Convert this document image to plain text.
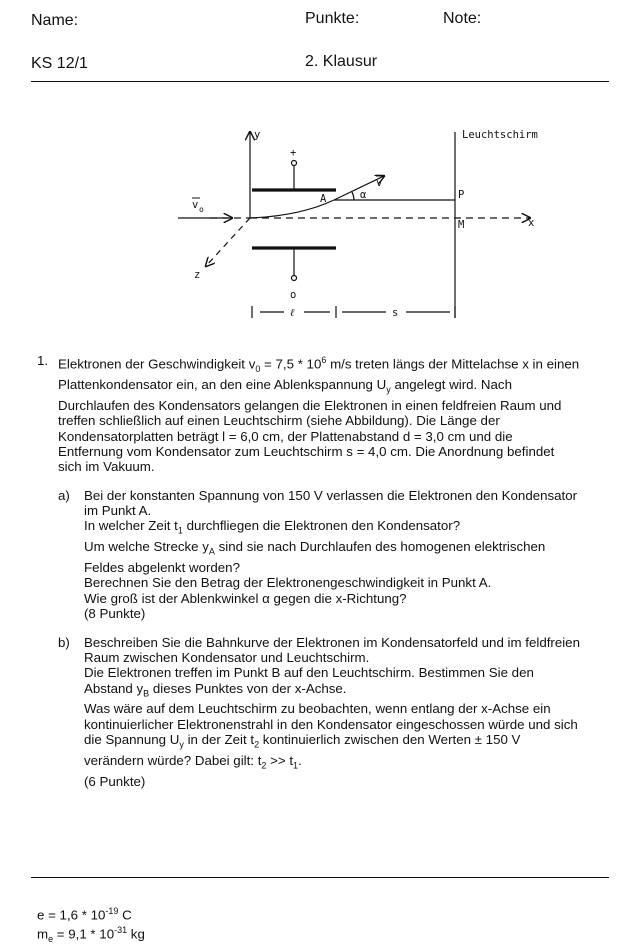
Name:	Punkte:	Note:
KS 12/1	2. Klausur
y
x
z
v o
v
A	P
M
α
+
o
ℓ	s
Leuchtschirm
1. Elektronen der Geschwindigkeit $v_0 = 7,5 * 10^6$ m/s treten längs der Mittelachse x in einen
Plattenkondensator ein, an den eine Ablenkspannung $U_y$ angelegt wird. Nach
Durchlaufen des Kondensators gelangen die Elektronen in einen feldfreien Raum und
treffen schließlich auf einen Leuchtschirm (siehe Abbildung). Die Länge der
Kondensatorplatten beträgt l = 6,0 cm, der Plattenabstand d = 3,0 cm und die
Entfernung vom Kondensator zum Leuchtschirm s = 4,0 cm. Die Anordnung befindet
sich im Vakuum.
a) Bei der konstanten Spannung von 150 V verlassen die Elektronen den Kondensator
im Punkt A.
In welcher Zeit $t_1$ durchfliegen die Elektronen den Kondensator?
Um welche Strecke $y_A$ sind sie nach Durchlaufen des homogenen elektrischen
Feldes abgelenkt worden?
Berechnen Sie den Betrag der Elektronengeschwindigkeit in Punkt A.
Wie groß ist der Ablenkwinkel α gegen die x-Richtung?
(8 Punkte)
b) Beschreiben Sie die Bahnkurve der Elektronen im Kondensatorfeld und im feldfreien
Raum zwischen Kondensator und Leuchtschirm.
Die Elektronen treffen im Punkt B auf den Leuchtschirm. Bestimmen Sie den
Abstand $y_B$ dieses Punktes von der x-Achse.
Was wäre auf dem Leuchtschirm zu beobachten, wenn entlang der x-Achse ein
kontinuierlicher Elektronenstrahl in den Kondensator eingeschossen würde und sich
die Spannung $U_y$ in der Zeit $t_2$ kontinuierlich zwischen den Werten ± 150 V
verändern würde? Dabei gilt: $t_2 >> t_1$.
(6 Punkte)
$e = 1,6 * 10^{-19}$ C
$m_e = 9,1 * 10^{-31}$ kg
